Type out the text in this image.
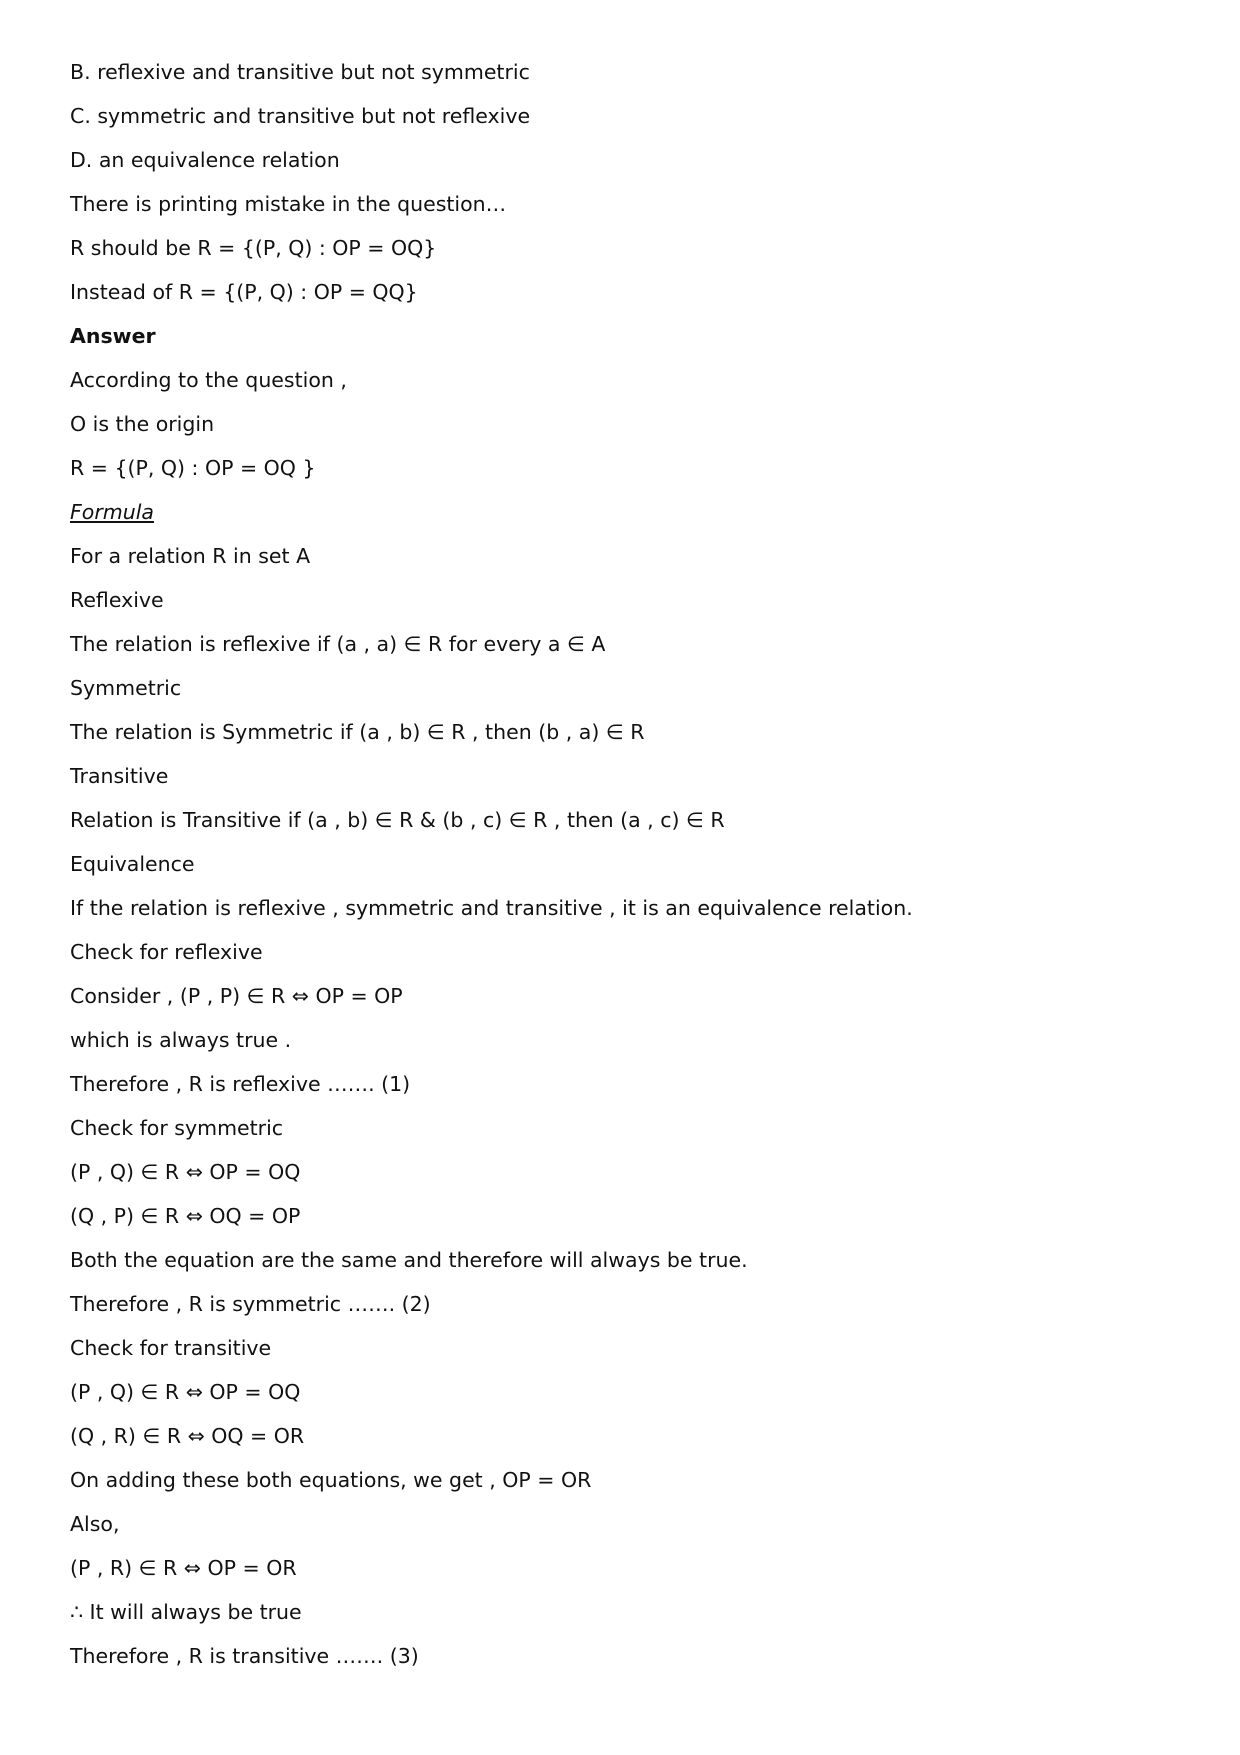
B. reflexive and transitive but not symmetric
C. symmetric and transitive but not reflexive
D. an equivalence relation
There is printing mistake in the question…
R should be R = {(P, Q) : OP = OQ}
Instead of R = {(P, Q) : OP = QQ}
Answer
According to the question ,
O is the origin
R = {(P, Q) : OP = OQ }
Formula
For a relation R in set A
Reflexive
The relation is reflexive if (a , a) ∈ R for every a ∈ A
Symmetric
The relation is Symmetric if (a , b) ∈ R , then (b , a) ∈ R
Transitive
Relation is Transitive if (a , b) ∈ R & (b , c) ∈ R , then (a , c) ∈ R
Equivalence
If the relation is reflexive , symmetric and transitive , it is an equivalence relation.
Check for reflexive
Consider , (P , P) ∈ R ⇔ OP = OP
which is always true .
Therefore , R is reflexive ……. (1)
Check for symmetric
(P , Q) ∈ R ⇔ OP = OQ
(Q , P) ∈ R ⇔ OQ = OP
Both the equation are the same and therefore will always be true.
Therefore , R is symmetric ……. (2)
Check for transitive
(P , Q) ∈ R ⇔ OP = OQ
(Q , R) ∈ R ⇔ OQ = OR
On adding these both equations, we get , OP = OR
Also,
(P , R) ∈ R ⇔ OP = OR
∴ It will always be true
Therefore , R is transitive ……. (3)
